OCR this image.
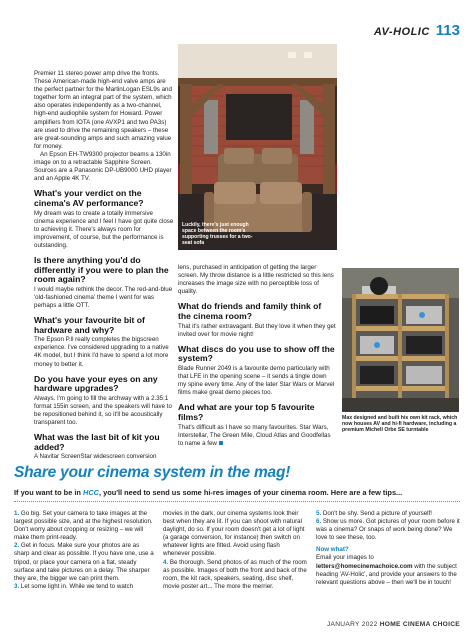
AV-HOLIC 113
Luckily, there's just enough space between the room's supporting trusses for a two-seat sofa
Max designed and built his own kit rack, which now houses AV and hi-fi hardware, including a premium Michell Orbe SE turntable

Premier 11 stereo power amp drive the fronts. These American-made high-end valve amps are the perfect partner for the MartinLogan ESL9s and together form an integral part of the system, which also operates independently as a two-channel, high-end audiophile system for Howard. Power amplifiers from IOTA (one AVXP1 and two PA3s) are used to drive the remaining speakers – these are great-sounding amps and such amazing value for money.

An Epson EH-TW9300 projector beams a 130in image on to a retractable Sapphire Screen. Sources are a Panasonic DP-UB9000 UHD player and an Apple 4K TV.

What's your verdict on the cinema's AV performance?

My dream was to create a totally immersive cinema experience and I feel I have got quite close to achieving it. There's always room for improvement, of course, but the performance is outstanding.

Is there anything you'd do differently if you were to plan the room again?

I would maybe rethink the decor. The red-and-blue 'old-fashioned cinema' theme I went for was perhaps a little OTT.

What's your favourite bit of hardware and why?

The Epson P.ll really completes the bigscreen experience. I've considered upgrading to a native 4K model, but I think I'd have to spend a lot more money to better it.

Do you have your eyes on any hardware upgrades?

Always. I'm going to fill the archway with a 2.35:1 format 155in screen, and the speakers will have to be repositioned behind it, so it'll be acoustically transparent too.

What was the last bit of kit you added?

A Navitar ScreenStar widescreen conversion

lens, purchased in anticipation of getting the larger screen. My throw distance is a little restricted so this lens increases the image size with no perceptible loss of quality.

What do friends and family think of the cinema room?

That it's rather extravagant. But they love it when they get invited over for movie night!

What discs do you use to show off the system?

Blade Runner 2049 is a favourite demo particularly with that LFE in the opening scene – it sends a tingle down my spine every time. Any of the later Star Wars or Marvel films make great demo pieces too.

And what are your top 5 favourite films?

That's difficult as I have so many favourites. Star Wars, Interstellar, The Green Mile, Cloud Atlas and Goodfellas to name a few

Share your cinema system in the mag!
If you want to be in HCC, you'll need to send us some hi-res images of your cinema room. Here are a few tips...

1. Go big. Set your camera to take images at the largest possible size, and at the highest resolution. Don't worry about cropping or resizing – we will make them print-ready.

2. Get in focus. Make sure your photos are as sharp and clear as possible. If you have one, use a tripod, or place your camera on a flat, steady surface and take pictures on a delay. The sharper they are, the bigger we can print them.

3. Let some light in. While we tend to watch

movies in the dark, our cinema systems look their best when they are lit. If you can shoot with natural daylight, do so. If your room doesn't get a lot of light (a garage conversion, for instance) then switch on whatever lights are fitted. Avoid using flash whenever possible.

4. Be thorough. Send photos of as much of the room as possible. Images of both the front and back of the room, the kit rack, speakers, seating, disc shelf, movie poster art... The more the merrier.

5. Don't be shy. Send a picture of yourself!

6. Show us more. Got pictures of your room before it was a cinema? Or snaps of work being done? We love to see these, too.

Now what?

Email your images to
letters@homecinemachoice.com with the subject heading 'AV-Holic', and provide your answers to the relevant questions above – then we'll be in touch!

JANUARY 2022 HOME CINEMA CHOICE
